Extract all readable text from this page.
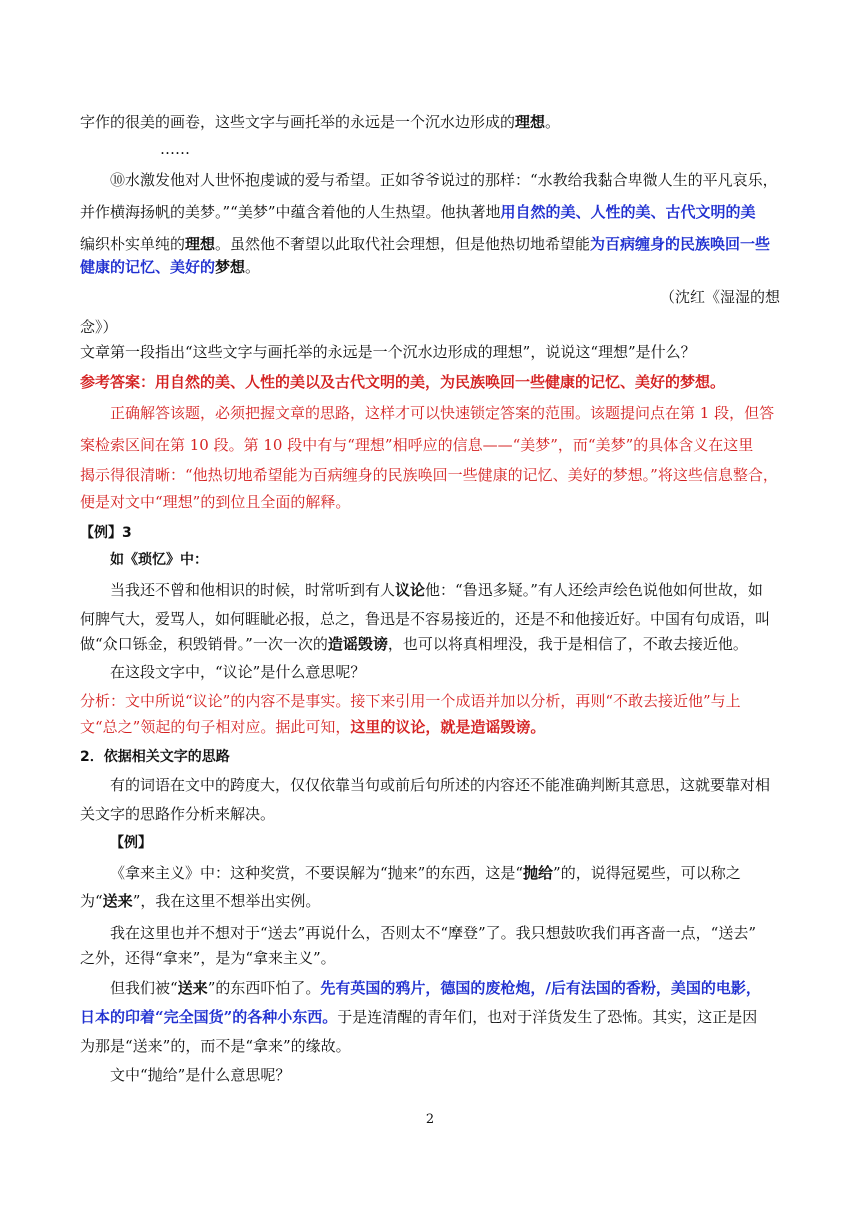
字作的很美的画卷，这些文字与画托举的永远是一个沉水边形成的理想。
……
⑩水激发他对人世怀抱虔诚的爱与希望。正如爷爷说过的那样：“水教给我黏合卑微人生的平凡哀乐，
并作横海扬帆的美梦。”“美梦”中蕴含着他的人生热望。他执著地用自然的美、人性的美、古代文明的美
编织朴实单纯的理想。虽然他不奢望以此取代社会理想，但是他热切地希望能为百病缠身的民族唤回一些
健康的记忆、美好的梦想。
（沈红《湿湿的想
念》）
文章第一段指出“这些文字与画托举的永远是一个沉水边形成的理想”，说说这“理想”是什么？
参考答案：用自然的美、人性的美以及古代文明的美，为民族唤回一些健康的记忆、美好的梦想。
正确解答该题，必须把握文章的思路，这样才可以快速锁定答案的范围。该题提问点在第 1 段，但答
案检索区间在第 10 段。第 10 段中有与“理想”相呼应的信息——“美梦”，而“美梦”的具体含义在这里
揭示得很清晰：“他热切地希望能为百病缠身的民族唤回一些健康的记忆、美好的梦想。”将这些信息整合，
便是对文中“理想”的到位且全面的解释。
【例】3
如《琐忆》中：
当我还不曾和他相识的时候，时常听到有人议论他：“鲁迅多疑。”有人还绘声绘色说他如何世故，如
何脾气大，爱骂人，如何睚眦必报，总之，鲁迅是不容易接近的，还是不和他接近好。中国有句成语，叫
做“众口铄金，积毁销骨。”一次一次的造谣毁谤，也可以将真相埋没，我于是相信了，不敢去接近他。
在这段文字中，“议论”是什么意思呢？
分析：文中所说“议论”的内容不是事实。接下来引用一个成语并加以分析，再则“不敢去接近他”与上
文“总之”领起的句子相对应。据此可知，这里的议论，就是造谣毁谤。
2．依据相关文字的思路
有的词语在文中的跨度大，仅仅依靠当句或前后句所述的内容还不能准确判断其意思，这就要靠对相
关文字的思路作分析来解决。
【例】
《拿来主义》中：这种奖赏，不要误解为“抛来”的东西，这是“抛给”的，说得冠冕些，可以称之
为“送来”，我在这里不想举出实例。
我在这里也并不想对于“送去”再说什么，否则太不“摩登”了。我只想鼓吹我们再吝啬一点，“送去”
之外，还得“拿来”，是为“拿来主义”。
但我们被“送来”的东西吓怕了。先有英国的鸦片，德国的废枪炮，/后有法国的香粉，美国的电影，
日本的印着“完全国货”的各种小东西。于是连清醒的青年们，也对于洋货发生了恐怖。其实，这正是因
为那是“送来”的，而不是“拿来”的缘故。
文中“抛给”是什么意思呢？
2
